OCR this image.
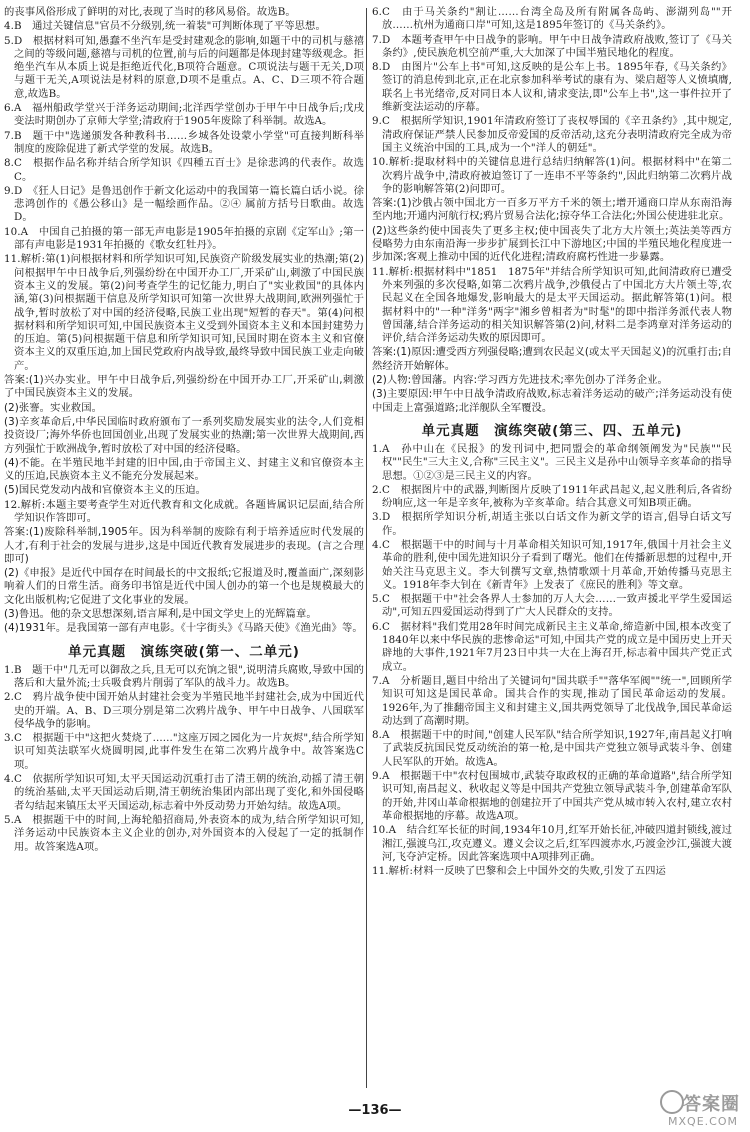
的丧事风俗形成了鲜明的对比,表现了当时的移风易俗。故选B。

4.B　通过关键信息"官员不分级别,统一着装"可判断体现了平等思想。

5.D　根据材料可知,愚蠢不坐汽车是受封建观念的影响,如题干中的司机与慈禧之间的等级问题,慈禧与司机的位置,前与后的问题都是体现封建等级观念。拒绝坐汽车从本质上说是拒绝近代化,B项符合题意。C项说法与题干无关,D项与题干无关,A项说法是材料的原意,D项不是重点。A、C、D三项不符合题意,故选B。

6.A　福州船政学堂兴于洋务运动期间;北洋西学堂创办于甲午中日战争后;戊戌变法时期创办了京师大学堂;清政府于1905年废除了科举制。故选A。

7.B　题干中"选递颁发各种教科书……乡城各处设蒙小学堂"可直接判断科举制度的废除促进了新式学堂的发展。故选B。

8.C　根据作品名称并结合所学知识《四種五百士》是徐悲鸿的代表作。故选C。

9.D　《狂人日记》是鲁迅创作于新文化运动中的我国第一篇长篇白话小说。徐悲鸿创作的《愚公移山》是一幅绘画作品。②④ 属前方括号日歌曲。故选D。

10.A　中国自己拍摄的第一部无声电影是1905年拍摄的京剧《定军山》;第一部有声电影是1931年拍摄的《歌女红牡丹》。

11.解析:第(1)问根据材料和所学知识可知,民族资产阶级发展实业的热潮;第(2)问根据甲午中日战争后,列强纷纷在中国开办工厂,开采矿山,刺激了中国民族资本主义的发展。第(2)问考查学生的记忆能力,明白了"实业救国"的具体内涵,第(3)问根据题干信息及所学知识可知第一次世界大战期间,欧洲列强忙于战争,暂时放松了对中国的经济侵略,民族工业出现"短暂的春天"。第(4)问根据材料和所学知识可知,中国民族资本主义受到外国资本主义和本国封建势力的压迫。第(5)问根据题干信息和所学知识可知,民国时期在资本主义和官僚资本主义的双重压迫,加上国民党政府内战导致,最终导致中国民族工业走向破产。

答案:(1)兴办实业。甲午中日战争后,列强纷纷在中国开办工厂,开采矿山,刺激了中国民族资本主义的发展。

(2)张謇。实业救国。

(3)辛亥革命后,中华民国临时政府颁布了一系列奖励发展实业的法令,人们竞相投资设厂;海外华侨也回国创业,出现了发展实业的热潮;第一次世界大战期间,西方列强忙于欧洲战争,暂时放松了对中国的经济侵略。

(4)不能。在半殖民地半封建的旧中国,由于帝国主义、封建主义和官僚资本主义的压迫,民族资本主义不能充分发展起来。

(5)国民党发动内战和官僚资本主义的压迫。

12.解析:本题主要考查学生对近代教育和文化成就。各题皆属识记层面,结合所学知识作答即可。

答案:(1)废除科举制,1905年。因为科举制的废除有利于培养适应时代发展的人才,有利于社会的发展与进步,这是中国近代教育发展进步的表现。(言之合理即可)

(2)《申报》是近代中国存在时间最长的中文报纸;它报道及时,覆盖面广,深刻影响着人们的日常生活。商务印书馆是近代中国人创办的第一个也是规模最大的文化出版机构;它促进了文化事业的发展。

(3)鲁迅。他的杂文思想深刻,语言犀利,是中国文学史上的光辉篇章。

(4)1931年。是我国第一部有声电影。《十字街头》《马路天使》《渔光曲》等。

单元真题　演练突破(第一、二单元)

1.B　题干中"几无可以御敌之兵,且无可以充饷之银",说明清兵腐败,导致中国的落后和大量外流;士兵吸食鸦片削弱了军队的战斗力。故选B。

2.C　鸦片战争使中国开始从封建社会变为半殖民地半封建社会,成为中国近代史的开端。A、B、D三项分别是第二次鸦片战争、甲午中日战争、八国联军侵华战争的影响。

3.C　根据题干中"这把火焚烧了......"这座万园之园化为一片灰烬",结合所学知识可知英法联军火烧圆明园,此事件发生在第二次鸦片战争中。故答案选C项。

4.C　依据所学知识可知,太平天国运动沉重打击了清王朝的统治,动摇了清王朝的统治基础,太平天国运动后期,清王朝统治集团内部出现了变化,和外国侵略者勾结起来镇压太平天国运动,标志着中外反动势力开始勾结。故选A项。

5.A　根据题干中的时间,上海轮船招商局,外表资本的成为,结合所学知识可知,洋务运动中民族资本主义企业的创办,对外国资本的入侵起了一定的抵制作用。故答案选A项。

6.C　由于马关条约"割让……台湾全岛及所有附属各岛屿、澎湖列岛""开放……杭州为通商口岸"可知,这是1895年签订的《马关条约》。

7.D　本题考查甲午中日战争的影响。甲午中日战争清政府战败,签订了《马关条约》,使民族危机空前严重,大大加深了中国半殖民地化的程度。

8.D　由图片"公车上书"可知,这反映的是公车上书。1895年春,《马关条约》签订的消息传到北京,正在北京参加科举考试的康有为、梁启超等人义愤填膺,联名上书光绪帝,反对同日本人议和,请求变法,即"公车上书",这一事件拉开了维新变法运动的序幕。

9.C　根据所学知识,1901年清政府签订了丧权辱国的《辛丑条约》,其中规定,清政府保证严禁人民参加反帝爱国的反帝活动,这充分表明清政府完全成为帝国主义统治中国的工具,成为一个"洋人的朝廷"。

10.解析:提取材料中的关键信息进行总结归纳解答(1)问。根据材料中"在第二次鸦片战争中,清政府被迫签订了一连串不平等条约",因此归纳第二次鸦片战争的影响解答第(2)问即可。

答案:(1)沙俄占领中国北方一百多万平方千米的领土;增开通商口岸从东南沿海至内地;开通内河航行权;鸦片贸易合法化;掠夺华工合法化;外国公使进驻北京。

(2)这些条约使中国丧失了更多主权;使中国丧失了北方大片领土;英法美等西方侵略势力由东南沿海一步步扩展到长江中下游地区;中国的半殖民地化程度进一步加深;客观上推动中国的近代化进程;清政府腐朽性进一步暴露。

11.解析:根据材料中"1851　1875年"并结合所学知识可知,此间清政府已遭受外来列强的多次侵略,如第二次鸦片战争,沙俄侵占了中国北方大片领土等,农民起义在全国各地爆发,影响最大的是太平天国运动。据此解答第(1)问。根据材料中的"一种"洋务"两字"湘乡曾相者为"时髦"的即中指洋务派代表人物曾国藩,结合洋务运动的相关知识解答第(2)问,材料二是李鸿章对洋务运动的评价,结合洋务运动失败的原因即可。

答案:(1)原因:遭受西方列强侵略;遭到农民起义(或太平天国起义)的沉重打击;自然经济开始解体。

(2)人物:曾国藩。内容:学习西方先进技术;率先创办了洋务企业。

(3)主要原因:甲午中日战争清政府战败,标志着洋务运动的破产;洋务运动没有使中国走上富强道路;北洋舰队全军覆没。

单元真题　演练突破(第三、四、五单元)

1.A　孙中山在《民报》的发刊词中,把同盟会的革命纲领阐发为"民族""民权""民生"三大主义,合称"三民主义"。三民主义是孙中山领导辛亥革命的指导思想。①②③是三民主义的内容。

2.C　根据图片中的武器,判断图片反映了1911年武昌起义,起义胜利后,各省纷纷响应,这一年是辛亥年,被称为辛亥革命。结合其意义可知B项正确。

3.D　根据所学知识分析,胡适主张以白话文作为新文学的语言,倡导白话文写作。

4.C　根据题干中的时间与十月革命相关知识可知,1917年,俄国十月社会主义革命的胜利,使中国先进知识分子看到了曙光。他们在传播新思想的过程中,开始关注马克思主义。李大钊撰写文章,热情歌颂十月革命,开始传播马克思主义。1918年李大钊在《新青年》上发表了《庶民的胜利》等文章。

5.C　根据题干中"社会各界人士参加的万人大会……一致声援北平学生爱国运动",可知五四爱国运动得到了广大人民群众的支持。

6.C　据材料"我们党用28年时间完成新民主主义革命,缔造新中国,根本改变了1840年以来中华民族的悲惨命运"可知,中国共产党的成立是中国历史上开天辟地的大事件,1921年7月23日中共一大在上海召开,标志着中国共产党正式成立。

7.A　分析题目,题目中给出了关键词句"国共联手""落华军阀""统一",回顾所学知识可知这是国民革命。国共合作的实现,推动了国民革命运动的发展。1926年,为了推翻帝国主义和封建主义,国共两党领导了北伐战争,国民革命运动达到了高潮时期。

8.A　根据题干中的时间,"创建人民军队"结合所学知识,1927年,南昌起义打响了武装反抗国民党反动统治的第一枪,是中国共产党独立领导武装斗争、创建人民军队的开始。故选A。

9.A　根据题干中"农村包围城市,武装夺取政权的正确的革命道路",结合所学知识可知,南昌起义、秋收起义等是中国共产党独立领导武装斗争,创建革命军队的开始,井冈山革命根据地的创建拉开了中国共产党从城市转入农村,建立农村革命根据地的序幕。故选A项。

10.A　结合红军长征的时间,1934年10月,红军开始长征,冲破四道封锁线,渡过湘江,强渡乌江,攻克遵义。遵义会议之后,红军四渡赤水,巧渡金沙江,强渡大渡河,飞夺泸定桥。因此答案选项中A项排列正确。

11.解析:材料一反映了巴黎和会上中国外交的失败,引发了五四运

—136—	答案圈
MXQE.COM
